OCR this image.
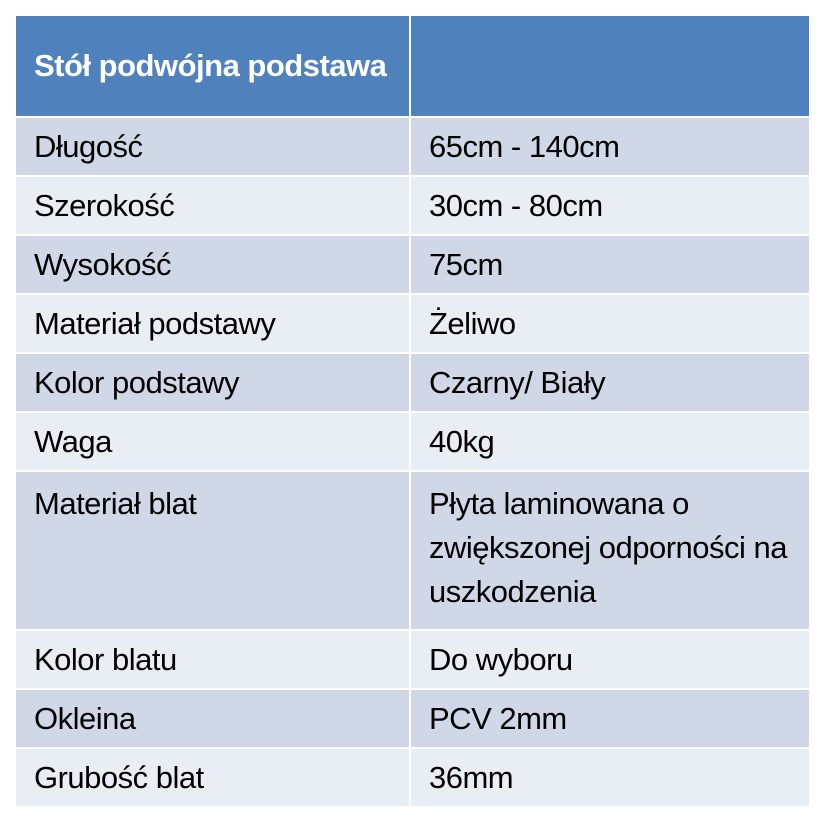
Stół podwójna podstawa	
Długość	65cm - 140cm
Szerokość	30cm - 80cm
Wysokość	75cm
Materiał podstawy	Żeliwo
Kolor podstawy	Czarny/ Biały
Waga	40kg
Materiał blat	Płyta laminowana o zwiększonej odporności na uszkodzenia
Kolor blatu	Do wyboru
Okleina	PCV 2mm
Grubość blat	36mm
